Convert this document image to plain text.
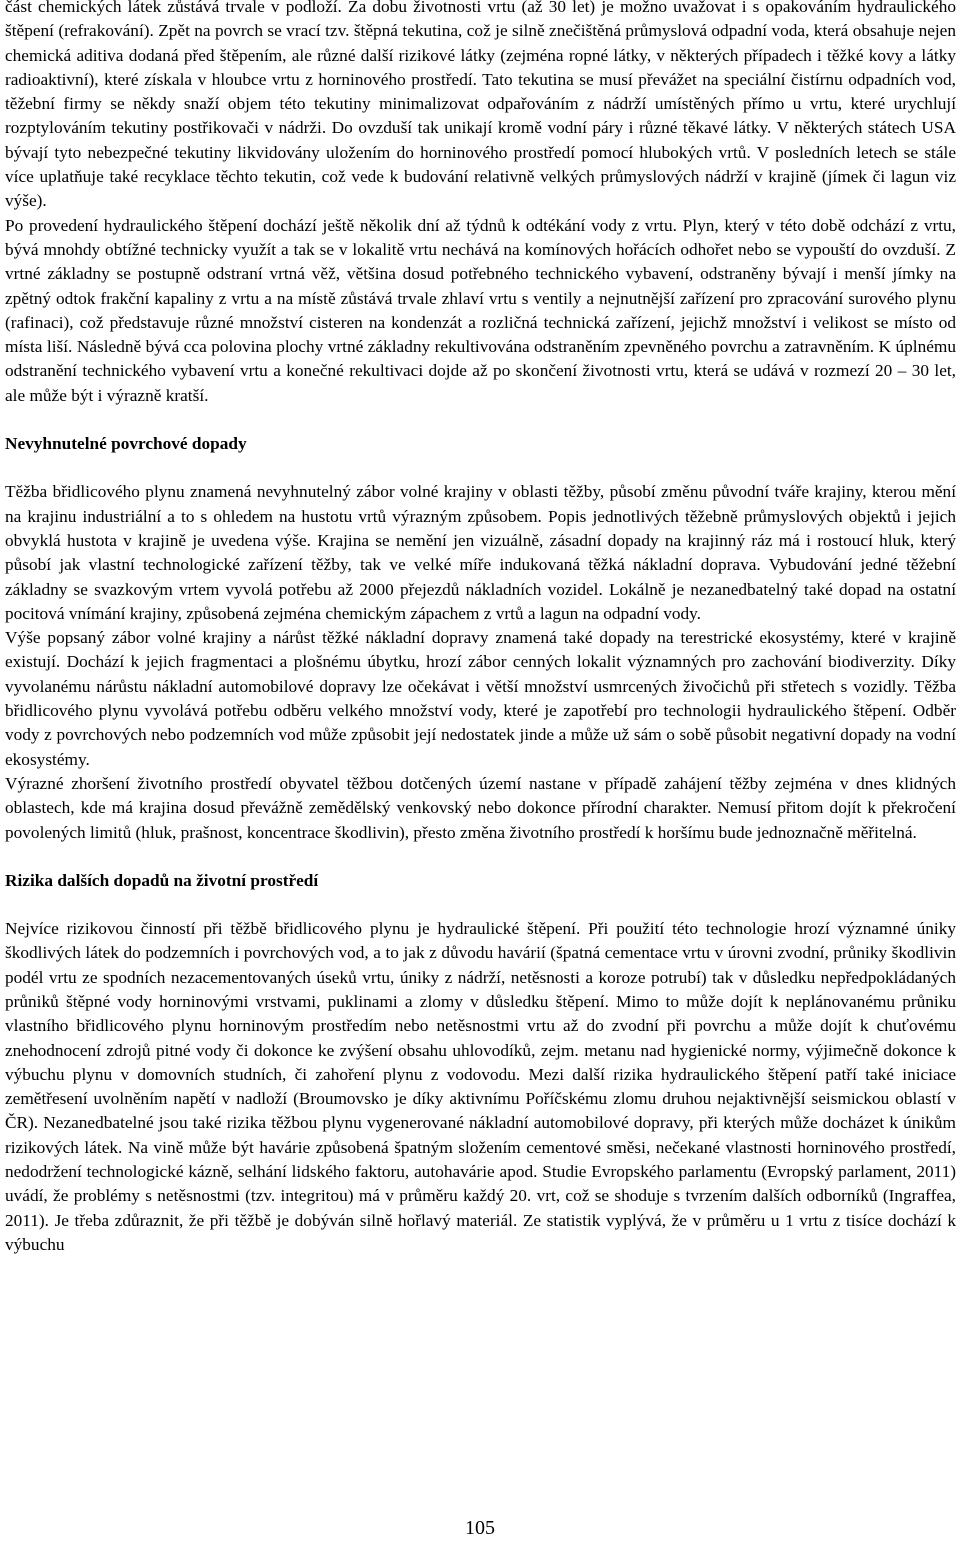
část chemických látek zůstává trvale v podloží. Za dobu životnosti vrtu (až 30 let) je možno uvažovat i s opakováním hydraulického štěpení (refrakování). Zpět na povrch se vrací tzv. štěpná tekutina, což je silně znečištěná průmyslová odpadní voda, která obsahuje nejen chemická aditiva dodaná před štěpením, ale různé další rizikové látky (zejména ropné látky, v některých případech i těžké kovy a látky radioaktivní), které získala v hloubce vrtu z horninového prostředí. Tato tekutina se musí převážet na speciální čistírnu odpadních vod, těžební firmy se někdy snaží objem této tekutiny minimalizovat odpařováním z nádrží umístěných přímo u vrtu, které urychlují rozptylováním tekutiny postřikovači v nádrži. Do ovzduší tak unikají kromě vodní páry i různé těkavé látky. V některých státech USA bývají tyto nebezpečné tekutiny likvidovány uložením do horninového prostředí pomocí hlubokých vrtů. V posledních letech se stále více uplatňuje také recyklace těchto tekutin, což vede k budování relativně velkých průmyslových nádrží v krajině (jímek či lagun viz výše).

Po provedení hydraulického štěpení dochází ještě několik dní až týdnů k odtékání vody z vrtu. Plyn, který v této době odchází z vrtu, bývá mnohdy obtížné technicky využít a tak se v lokalitě vrtu nechává na komínových hořácích odhořet nebo se vypouští do ovzduší. Z vrtné základny se postupně odstraní vrtná věž, většina dosud potřebného technického vybavení, odstraněny bývají i menší jímky na zpětný odtok frakční kapaliny z vrtu a na místě zůstává trvale zhlaví vrtu s ventily a nejnutnější zařízení pro zpracování surového plynu (rafinaci), což představuje různé množství cisteren na kondenzát a rozličná technická zařízení, jejichž množství i velikost se místo od místa liší. Následně bývá cca polovina plochy vrtné základny rekultivována odstraněním zpevněného povrchu a zatravněním. K úplnému odstranění technického vybavení vrtu a konečné rekultivaci dojde až po skončení životnosti vrtu, která se udává v rozmezí 20 – 30 let, ale může být i výrazně kratší.

Nevyhnutelné povrchové dopady

Těžba břidlicového plynu znamená nevyhnutelný zábor volné krajiny v oblasti těžby, působí změnu původní tváře krajiny, kterou mění na krajinu industriální a to s ohledem na hustotu vrtů výrazným způsobem. Popis jednotlivých těžebně průmyslových objektů i jejich obvyklá hustota v krajině je uvedena výše. Krajina se nemění jen vizuálně, zásadní dopady na krajinný ráz má i rostoucí hluk, který působí jak vlastní technologické zařízení těžby, tak ve velké míře indukovaná těžká nákladní doprava. Vybudování jedné těžební základny se svazkovým vrtem vyvolá potřebu až 2000 přejezdů nákladních vozidel. Lokálně je nezanedbatelný také dopad na ostatní pocitová vnímání krajiny, způsobená zejména chemickým zápachem z vrtů a lagun na odpadní vody.

Výše popsaný zábor volné krajiny a nárůst těžké nákladní dopravy znamená také dopady na terestrické ekosystémy, které v krajině existují. Dochází k jejich fragmentaci a plošnému úbytku, hrozí zábor cenných lokalit významných pro zachování biodiverzity. Díky vyvolanému nárůstu nákladní automobilové dopravy lze očekávat i větší množství usmrcených živočichů při střetech s vozidly. Těžba břidlicového plynu vyvolává potřebu odběru velkého množství vody, které je zapotřebí pro technologii hydraulického štěpení. Odběr vody z povrchových nebo podzemních vod může způsobit její nedostatek jinde a může už sám o sobě působit negativní dopady na vodní ekosystémy.

Výrazné zhoršení životního prostředí obyvatel těžbou dotčených území nastane v případě zahájení těžby zejména v dnes klidných oblastech, kde má krajina dosud převážně zemědělský venkovský nebo dokonce přírodní charakter. Nemusí přitom dojít k překročení povolených limitů (hluk, prašnost, koncentrace škodlivin), přesto změna životního prostředí k horšímu bude jednoznačně měřitelná.

Rizika dalších dopadů na životní prostředí

Nejvíce rizikovou činností při těžbě břidlicového plynu je hydraulické štěpení. Při použití této technologie hrozí významné úniky škodlivých látek do podzemních i povrchových vod, a to jak z důvodu havárií (špatná cementace vrtu v úrovni zvodní, průniky škodlivin podél vrtu ze spodních nezacementovaných úseků vrtu, úniky z nádrží, netěsnosti a koroze potrubí) tak v důsledku nepředpokládaných průniků štěpné vody horninovými vrstvami, puklinami a zlomy v důsledku štěpení. Mimo to může dojít k neplánovanému průniku vlastního břidlicového plynu horninovým prostředím nebo netěsnostmi vrtu až do zvodní při povrchu a může dojít k chuťovému znehodnocení zdrojů pitné vody či dokonce ke zvýšení obsahu uhlovodíků, zejm. metanu nad hygienické normy, výjimečně dokonce k výbuchu plynu v domovních studních, či zahoření plynu z vodovodu. Mezi další rizika hydraulického štěpení patří také iniciace zemětřesení uvolněním napětí v nadloží (Broumovsko je díky aktivnímu Poříčskému zlomu druhou nejaktivnější seismickou oblastí v ČR). Nezanedbatelné jsou také rizika těžbou plynu vygenerované nákladní automobilové dopravy, při kterých může docházet k únikům rizikových látek. Na vině může být havárie způsobená špatným složením cementové směsi, nečekané vlastnosti horninového prostředí, nedodržení technologické kázně, selhání lidského faktoru, autohavárie apod. Studie Evropského parlamentu (Evropský parlament, 2011) uvádí, že problémy s netěsnostmi (tzv. integritou) má v průměru každý 20. vrt, což se shoduje s tvrzením dalších odborníků (Ingraffea, 2011). Je třeba zdůraznit, že při těžbě je dobýván silně hořlavý materiál. Ze statistik vyplývá, že v průměru u 1 vrtu z tisíce dochází k výbuchu

105
